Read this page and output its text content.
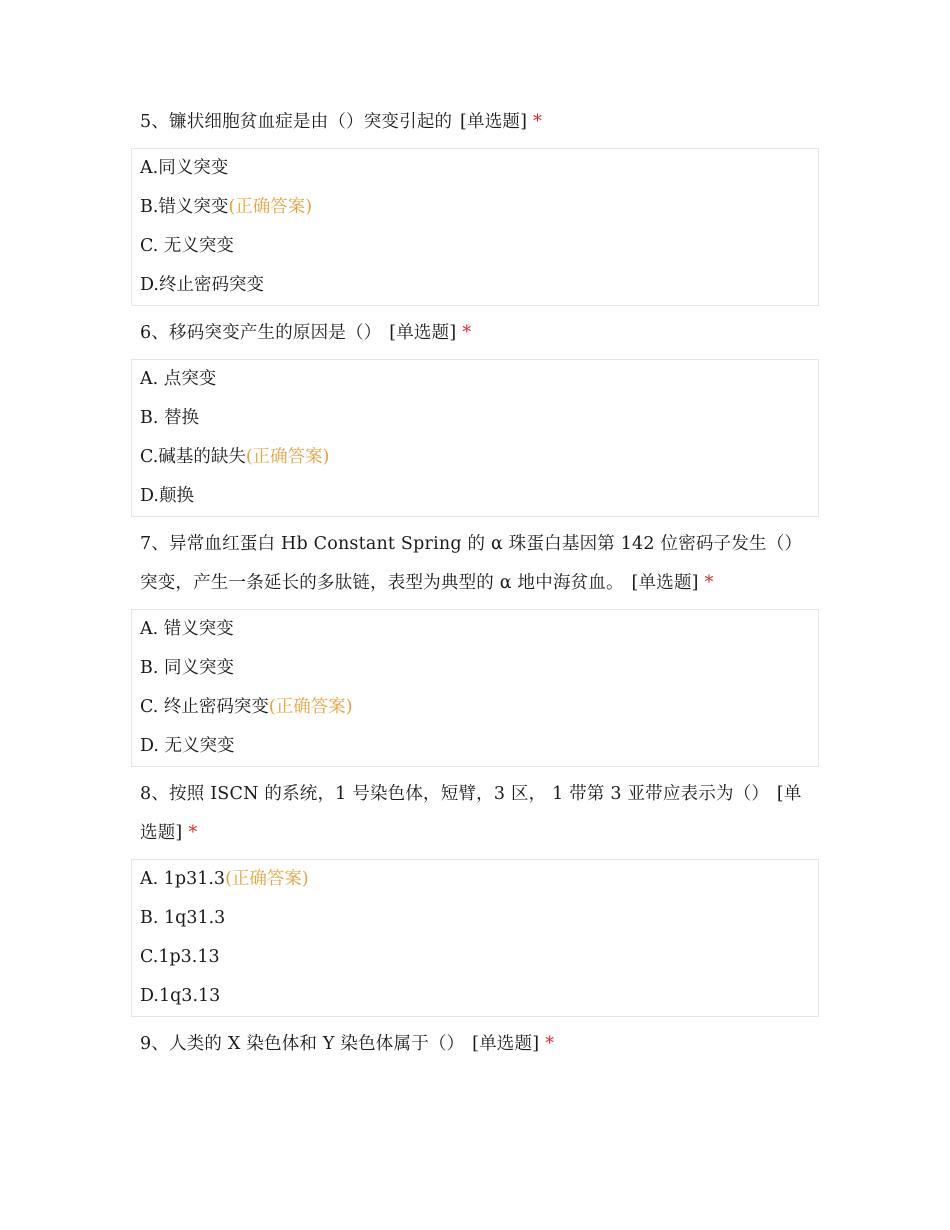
5、镰状细胞贫血症是由（）突变引起的 [单选题] *
A.同义突变
B.错义突变(正确答案)
C. 无义突变
D.终止密码突变
6、移码突变产生的原因是（） [单选题] *
A. 点突变
B. 替换
C.碱基的缺失(正确答案)
D.颠换
7、异常血红蛋白 Hb Constant Spring 的 α 珠蛋白基因第 142 位密码子发生（） 突变，产生一条延长的多肽链，表型为典型的 α 地中海贫血。 [单选题] *
A. 错义突变
B. 同义突变
C. 终止密码突变(正确答案)
D. 无义突变
8、按照 ISCN 的系统，1 号染色体，短臂，3 区， 1 带第 3 亚带应表示为（） [单选题] *
A. 1p31.3(正确答案)
B. 1q31.3
C.1p3.13
D.1q3.13
9、人类的 X 染色体和 Y 染色体属于（） [单选题] *
